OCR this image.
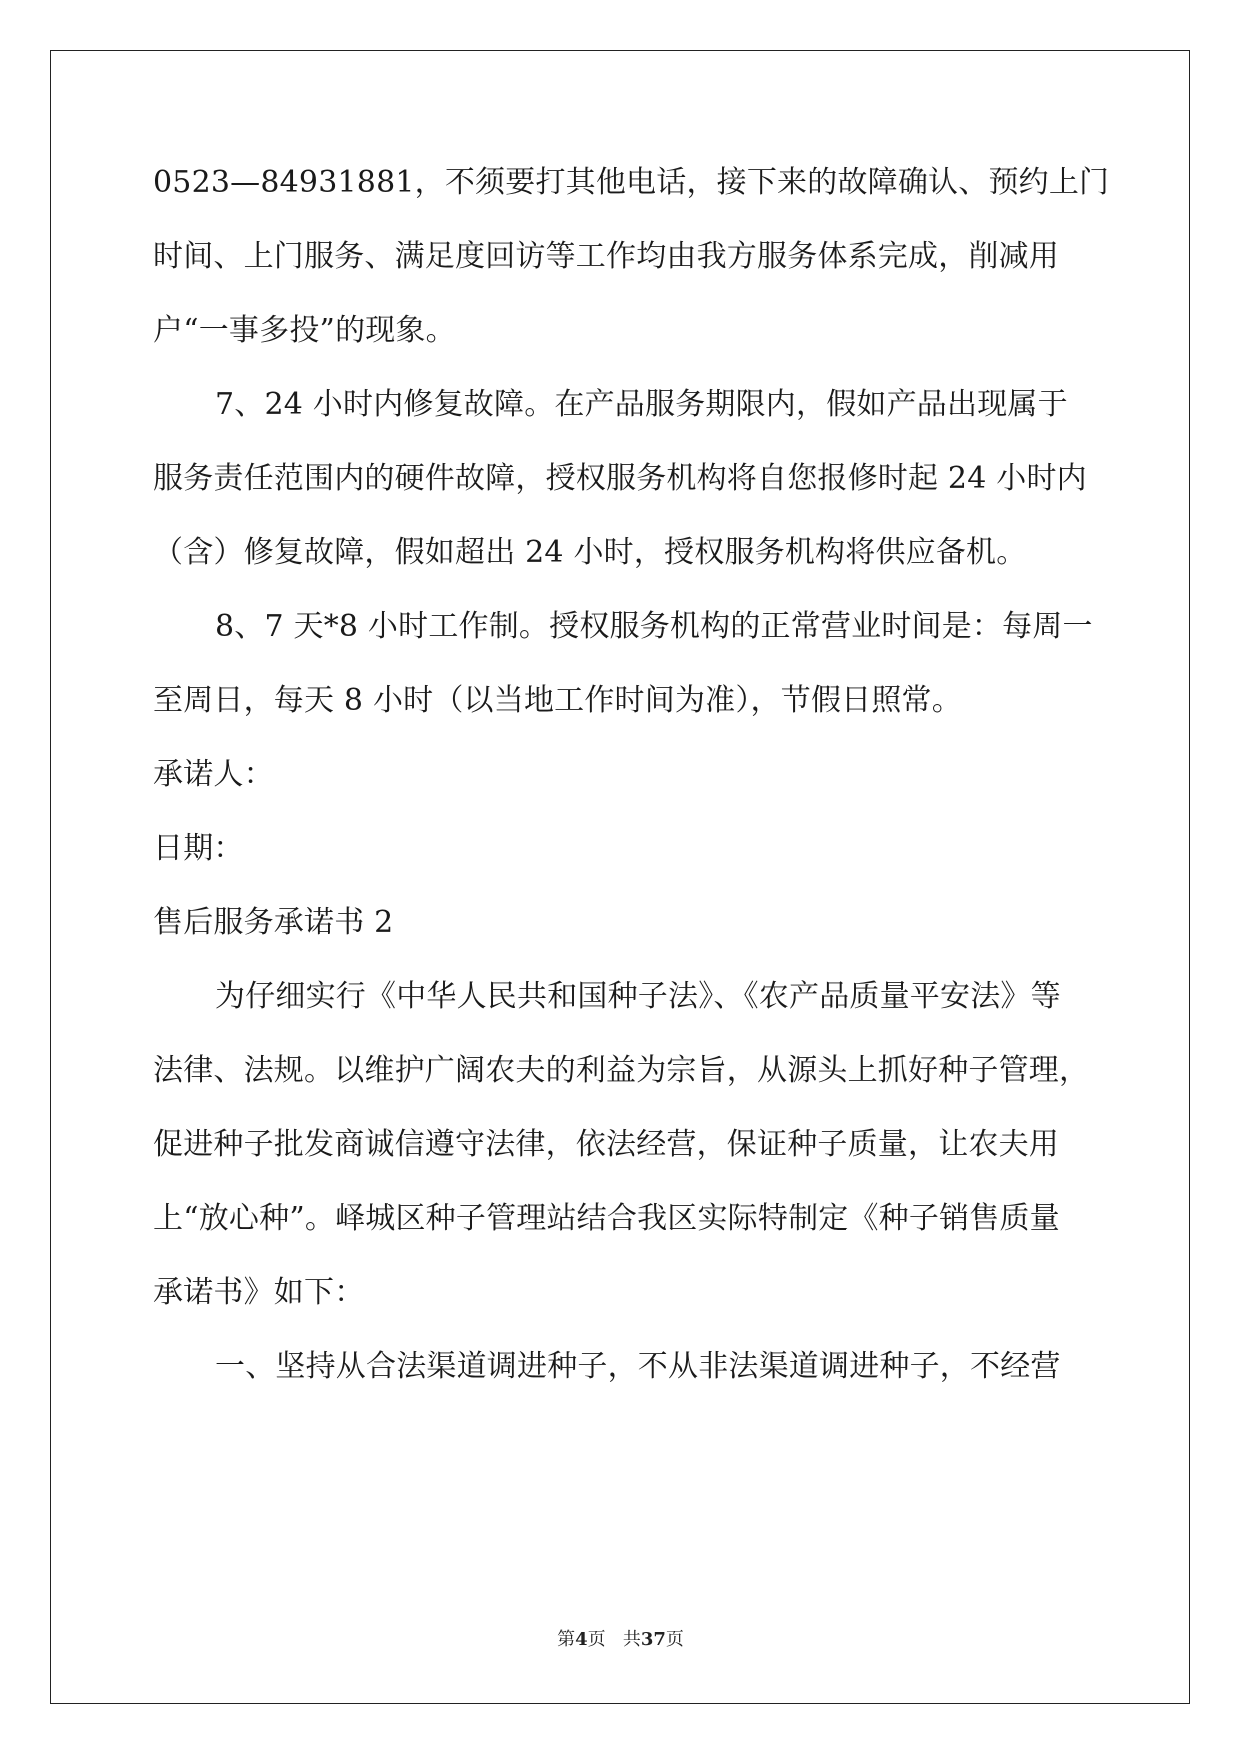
0523—84931881，不须要打其他电话，接下来的故障确认、预约上门
时间、上门服务、满足度回访等工作均由我方服务体系完成，削减用
户“一事多投”的现象。
7、24 小时内修复故障。在产品服务期限内，假如产品出现属于
服务责任范围内的硬件故障，授权服务机构将自您报修时起 24 小时内
（含）修复故障，假如超出 24 小时，授权服务机构将供应备机。
8、7 天*8 小时工作制。授权服务机构的正常营业时间是：每周一
至周日，每天 8 小时（以当地工作时间为准），节假日照常。
承诺人：
日期：
售后服务承诺书 2
为仔细实行《中华人民共和国种子法》、《农产品质量平安法》等
法律、法规。以维护广阔农夫的利益为宗旨，从源头上抓好种子管理，
促进种子批发商诚信遵守法律，依法经营，保证种子质量，让农夫用
上“放心种”。峄城区种子管理站结合我区实际特制定《种子销售质量
承诺书》如下：
一、坚持从合法渠道调进种子，不从非法渠道调进种子，不经营
第4页 共37页
